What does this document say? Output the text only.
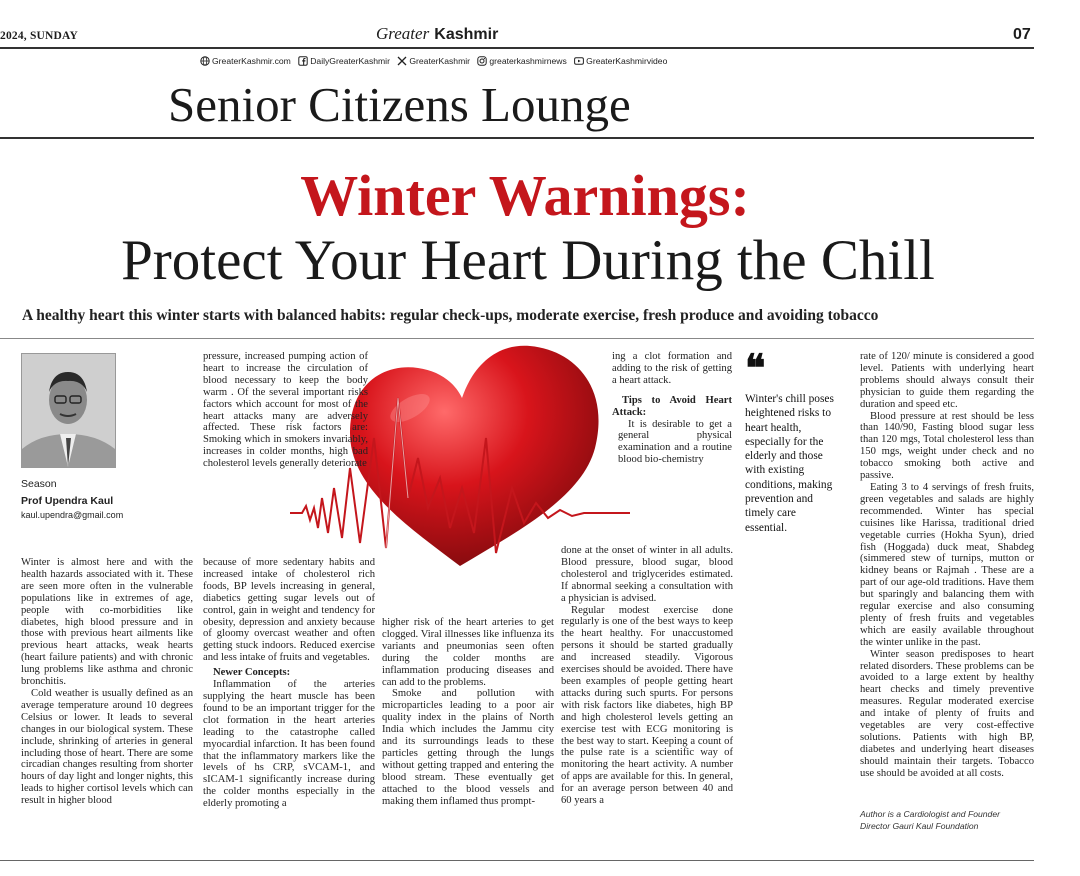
2024, SUNDAY	Greater Kashmir	07
GreaterKashmir.com
DailyGreaterKashmir
GreaterKashmir
greaterkashmirnews
GreaterKashmirvideo
Senior Citizens Lounge
Winter Warnings:
Protect Your Heart During the Chill
A healthy heart this winter starts with balanced habits: regular check-ups, moderate exercise, fresh produce and avoiding tobacco
Season
Prof Upendra Kaul
kaul.upendra@gmail.com

Winter is almost here and with the health hazards associated with it. These are seen more often in the vulnerable populations like in extremes of age, people with co-morbidities like diabetes, high blood pressure and in those with previous heart ailments like previous heart attacks, weak hearts (heart failure patients) and with chronic lung problems like asthma and chronic bronchitis.

Cold weather is usually defined as an average temperature around 10 degrees Celsius or lower. It leads to several changes in our biological system. These include, shrinking of arteries in general including those of heart. There are some circadian changes resulting from shorter hours of day light and longer nights, this leads to higher cortisol levels which can result in higher blood

pressure, increased pumping action of heart to increase the circulation of blood necessary to keep the body warm . Of the several important risks factors which account for most of the heart attacks many are adversely affected. These risk factors are: Smoking which in smokers invariably, increases in colder months, high bad cholesterol levels generally deteriorate

because of more sedentary habits and increased intake of cholesterol rich foods, BP levels increasing in general, diabetics getting sugar levels out of control, gain in weight and tendency for obesity, depression and anxiety because of gloomy overcast weather and often getting stuck indoors. Reduced exercise and less intake of fruits and vegetables.

Newer Concepts:

Inflammation of the arteries supplying the heart muscle has been found to be an important trigger for the clot formation in the heart arteries leading to the catastrophe called myocardial infarction. It has been found that the inflammatory markers like the levels of hs CRP, sVCAM-1, and sICAM-1 significantly increase during the colder months especially in the elderly promoting a

higher risk of the heart arteries to get clogged. Viral illnesses like influenza its variants and pneumonias seen often during the colder months are inflammation producing diseases and can add to the problems.

Smoke and pollution with microparticles leading to a poor air quality index in the plains of North India which includes the Jammu city and its surroundings leads to these particles getting through the lungs without getting trapped and entering the blood stream. These eventually get attached to the blood vessels and making them inflamed thus prompt-

ing a clot formation and adding to the risk of getting a heart attack.

Tips to Avoid Heart Attack:

It is desirable to get a general physical examination and a routine blood bio-chemistry

done at the onset of winter in all adults. Blood pressure, blood sugar, blood cholesterol and triglycerides estimated. If abnormal seeking a consultation with a physician is advised.

Regular modest exercise done regularly is one of the best ways to keep the heart healthy. For unaccustomed persons it should be started gradually and increased steadily. Vigorous exercises should be avoided. There have been examples of people getting heart attacks during such spurts. For persons with risk factors like diabetes, high BP and high cholesterol levels getting an exercise test with ECG monitoring is the best way to start. Keeping a count of the pulse rate is a scientific way of monitoring the heart activity. A number of apps are available for this. In general, for an average person between 40 and 60 years a

❝
Winter's chill poses heightened risks to heart health, especially for the elderly and those with existing conditions, making prevention and timely care essential.

rate of 120/ minute is considered a good level. Patients with underlying heart problems should always consult their physician to guide them regarding the duration and speed etc.

Blood pressure at rest should be less than 140/90, Fasting blood sugar less than 120 mgs, Total cholesterol less than 150 mgs, weight under check and no tobacco smoking both active and passive.

Eating 3 to 4 servings of fresh fruits, green vegetables and salads are highly recommended. Winter has special cuisines like Harissa, traditional dried vegetable curries (Hokha Syun), dried fish (Hoggada) duck meat, Shabdeg (simmered stew of turnips, mutton or kidney beans or Rajmah . These are a part of our age-old traditions. Have them but sparingly and balancing them with regular exercise and also consuming plenty of fresh fruits and vegetables which are easily available throughout the winter unlike in the past.

Winter season predisposes to heart related disorders. These problems can be avoided to a large extent by healthy heart checks and timely preventive measures. Regular moderated exercise and intake of plenty of fruits and vegetables are very cost-effective solutions. Patients with high BP, diabetes and underlying heart diseases should maintain their targets. Tobacco use should be avoided at all costs.

Author is a Cardiologist and Founder
Director Gauri Kaul Foundation
